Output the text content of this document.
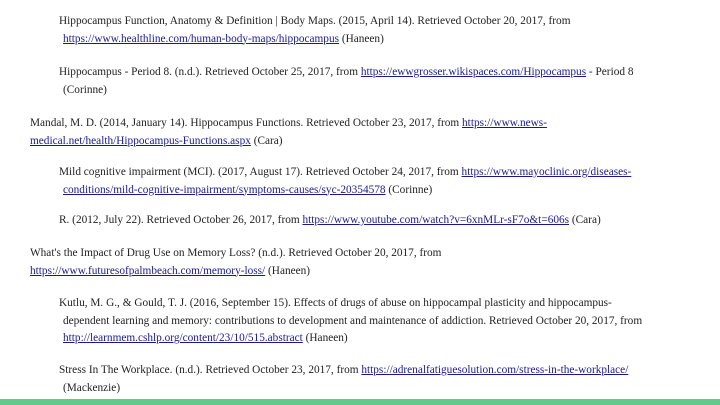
Hippocampus Function, Anatomy & Definition | Body Maps. (2015, April 14). Retrieved October 20, 2017, from
https://www.healthline.com/human-body-maps/hippocampus (Haneen)
Hippocampus - Period 8. (n.d.). Retrieved October 25, 2017, from https://ewwgrosser.wikispaces.com/Hippocampus - Period 8
(Corinne)
Mandal, M. D. (2014, January 14). Hippocampus Functions. Retrieved October 23, 2017, from https://www.news-
medical.net/health/Hippocampus-Functions.aspx (Cara)
Mild cognitive impairment (MCI). (2017, August 17). Retrieved October 24, 2017, from https://www.mayoclinic.org/diseases-
conditions/mild-cognitive-impairment/symptoms-causes/syc-20354578 (Corinne)
R. (2012, July 22). Retrieved October 26, 2017, from https://www.youtube.com/watch?v=6xnMLr-sF7o&t=606s (Cara)
What's the Impact of Drug Use on Memory Loss? (n.d.). Retrieved October 20, 2017, from
https://www.futuresofpalmbeach.com/memory-loss/ (Haneen)
Kutlu, M. G., & Gould, T. J. (2016, September 15). Effects of drugs of abuse on hippocampal plasticity and hippocampus-
dependent learning and memory: contributions to development and maintenance of addiction. Retrieved October 20, 2017, from
http://learnmem.cshlp.org/content/23/10/515.abstract (Haneen)
Stress In The Workplace. (n.d.). Retrieved October 23, 2017, from https://adrenalfatiguesolution.com/stress-in-the-workplace/
(Mackenzie)
